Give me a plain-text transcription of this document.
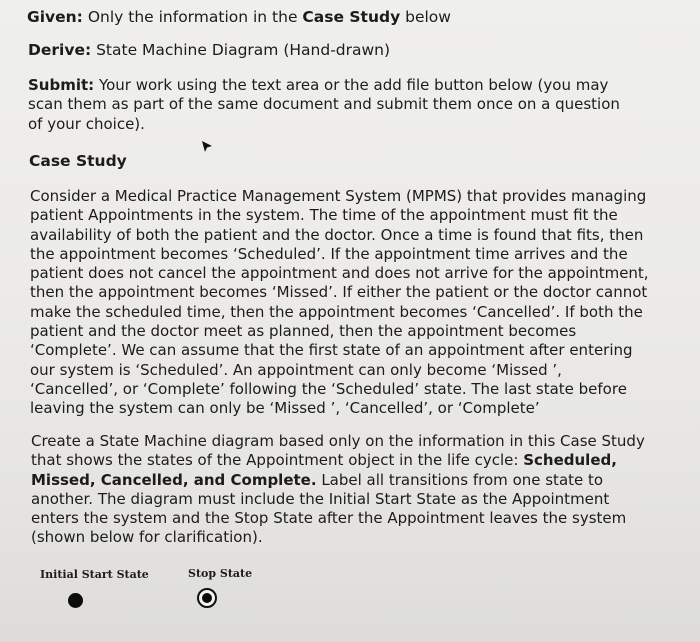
Given: Only the information in the Case Study below
Derive: State Machine Diagram (Hand-drawn)
Submit: Your work using the text area or the add file button below (you may scan them as part of the same document and submit them once on a question of your choice).
Case Study
Consider a Medical Practice Management System (MPMS) that provides managing patient Appointments in the system. The time of the appointment must fit the availability of both the patient and the doctor. Once a time is found that fits, then the appointment becomes ‘Scheduled’. If the appointment time arrives and the patient does not cancel the appointment and does not arrive for the appointment, then the appointment becomes ‘Missed’. If either the patient or the doctor cannot make the scheduled time, then the appointment becomes ‘Cancelled’. If both the patient and the doctor meet as planned, then the appointment becomes ‘Complete’. We can assume that the first state of an appointment after entering our system is ‘Scheduled’. An appointment can only become ‘Missed ’, ‘Cancelled’, or ‘Complete’ following the ‘Scheduled’ state. The last state before leaving the system can only be ‘Missed ’, ‘Cancelled’, or ‘Complete’
Create a State Machine diagram based only on the information in this Case Study that shows the states of the Appointment object in the life cycle: Scheduled, Missed, Cancelled, and Complete. Label all transitions from one state to another. The diagram must include the Initial Start State as the Appointment enters the system and the Stop State after the Appointment leaves the system (shown below for clarification).
Initial Start State	Stop State
